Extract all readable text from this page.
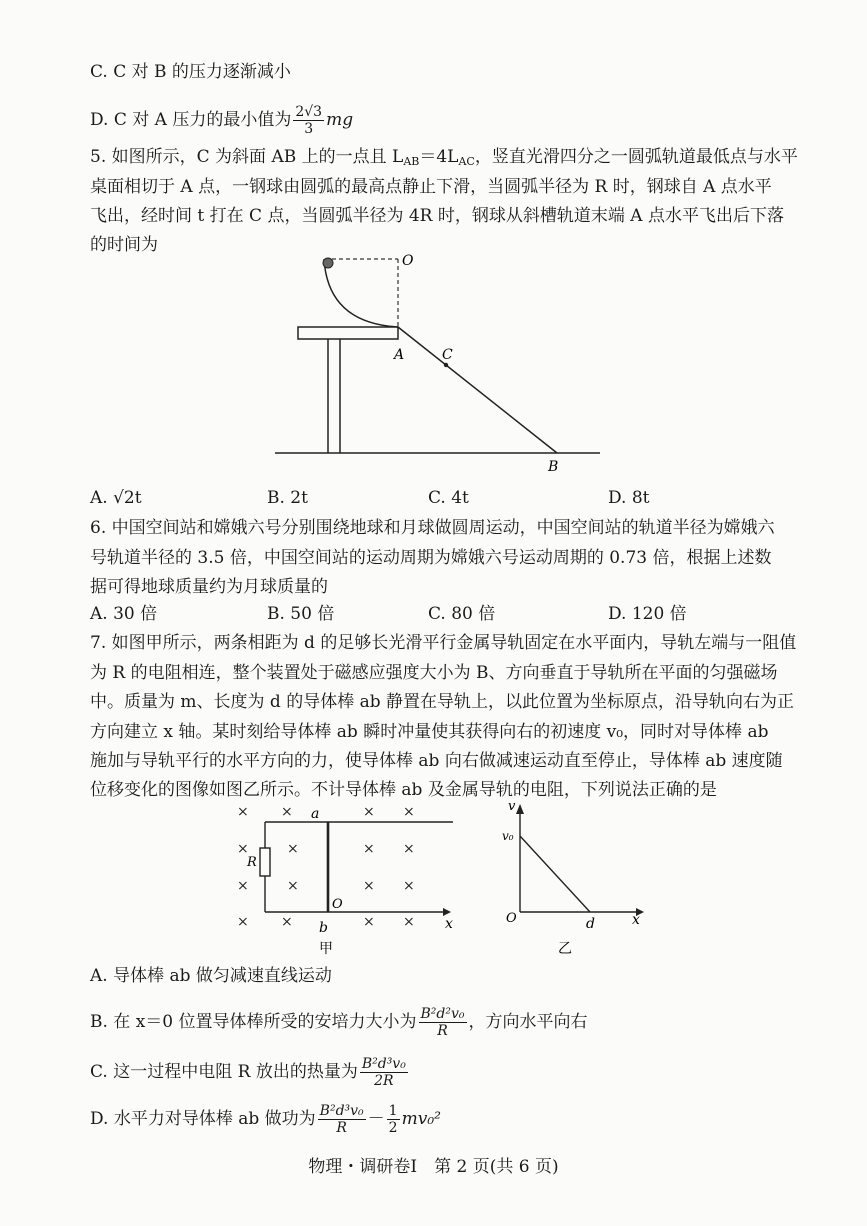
C. C 对 B 的压力逐渐减小
D. C 对 A 压力的最小值为 $\frac{2√3}{3}$ mg
5. 如图所示，C 为斜面 AB 上的一点且 $L_{AB}=4L_{AC}$，竖直光滑四分之一圆弧轨道最低点与水平
桌面相切于 A 点，一钢球由圆弧的最高点静止下滑，当圆弧半径为 R 时，钢球自 A 点水平
飞出，经时间 t 打在 C 点，当圆弧半径为 4R 时，钢球从斜槽轨道末端 A 点水平飞出后下落
的时间为
O
A	C
B
A. √2t	B. 2t	C. 4t	D. 8t
6. 中国空间站和嫦娥六号分别围绕地球和月球做圆周运动，中国空间站的轨道半径为嫦娥六
号轨道半径的 3.5 倍，中国空间站的运动周期为嫦娥六号运动周期的 0.73 倍，根据上述数
据可得地球质量约为月球质量的
A. 30 倍	B. 50 倍	C. 80 倍	D. 120 倍
7. 如图甲所示，两条相距为 d 的足够长光滑平行金属导轨固定在水平面内，导轨左端与一阻值
为 R 的电阻相连，整个装置处于磁感应强度大小为 B、方向垂直于导轨所在平面的匀强磁场
中。质量为 m、长度为 d 的导体棒 ab 静置在导轨上，以此位置为坐标原点，沿导轨向右为正
方向建立 x 轴。某时刻给导体棒 ab 瞬时冲量使其获得向右的初速度 v₀，同时对导体棒 ab
施加与导轨平行的水平方向的力，使导体棒 ab 向右做减速运动直至停止，导体棒 ab 速度随
位移变化的图像如图乙所示。不计导体棒 ab 及金属导轨的电阻，下列说法正确的是
× ×	× ×
×	× ×
×	×	× ×
×
× ×	× ×
a
b
R
O
x
甲
v
v₀
O	d	x
乙
A. 导体棒 ab 做匀减速直线运动
B. 在 x＝0 位置导体棒所受的安培力大小为 $\frac{\text{B²d²v₀}}{R}$ ，方向水平向右
C. 这一过程中电阻 R 放出的热量为 $\frac{\text{B²d³v₀}}{2R}$
D. 水平力对导体棒 ab 做功为 $\frac{\text{B²d³v₀}}{R} - \frac{1}{2} mv_0^2$
物理・调研卷Ⅰ　第 2 页(共 6 页)
